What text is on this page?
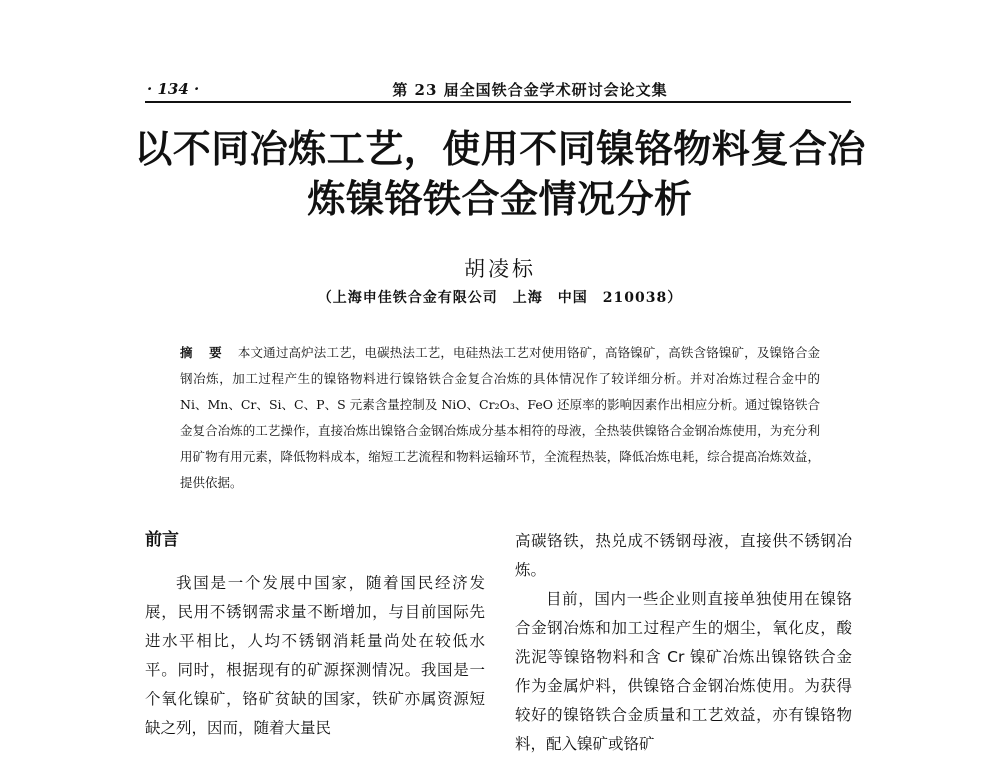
· 134 ·	第 23 届全国铁合金学术研讨会论文集
以不同冶炼工艺，使用不同镍铬物料复合冶
炼镍铬铁合金情况分析
胡凌标
（上海申佳铁合金有限公司　上海　中国　210038）
摘 要 本文通过高炉法工艺，电碳热法工艺，电硅热法工艺对使用铬矿，高铬镍矿，高铁含铬镍矿，及镍铬合金钢冶炼，加工过程产生的镍铬物料进行镍铬铁合金复合冶炼的具体情况作了较详细分析。并对冶炼过程合金中的 Ni、Mn、Cr、Si、C、P、S 元素含量控制及 NiO、Cr₂O₃、FeO 还原率的影响因素作出相应分析。通过镍铬铁合金复合冶炼的工艺操作，直接冶炼出镍铬合金钢冶炼成分基本相符的母液，全热装供镍铬合金钢冶炼使用，为充分利用矿物有用元素，降低物料成本，缩短工艺流程和物料运输环节，全流程热装，降低冶炼电耗，综合提高冶炼效益，提供依据。
前言

我国是一个发展中国家，随着国民经济发展，民用不锈钢需求量不断增加，与目前国际先进水平相比，人均不锈钢消耗量尚处在较低水平。同时，根据现有的矿源探测情况。我国是一个氧化镍矿，铬矿贫缺的国家，铁矿亦属资源短缺之列，因而，随着大量民

高碳铬铁，热兑成不锈钢母液，直接供不锈钢冶炼。

目前，国内一些企业则直接单独使用在镍铬合金钢冶炼和加工过程产生的烟尘，氧化皮，酸洗泥等镍铬物料和含 Cr 镍矿冶炼出镍铬铁合金作为金属炉料，供镍铬合金钢冶炼使用。为获得较好的镍铬铁合金质量和工艺效益，亦有镍铬物料，配入镍矿或铬矿
